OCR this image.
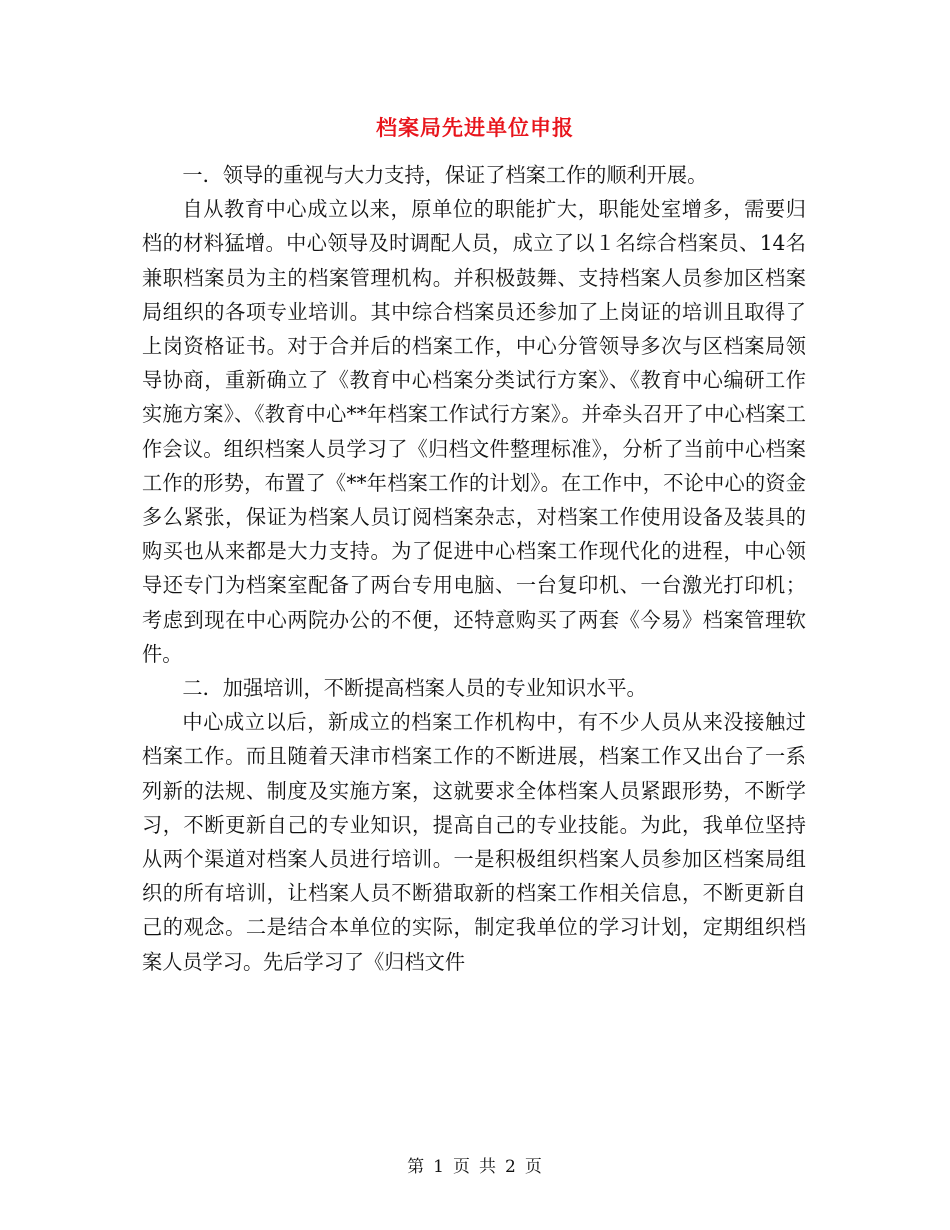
档案局先进单位申报

一．领导的重视与大力支持，保证了档案工作的顺利开展。

自从教育中心成立以来，原单位的职能扩大，职能处室增多，需要归档的材料猛增。中心领导及时调配人员，成立了以１名综合档案员、14名兼职档案员为主的档案管理机构。并积极鼓舞、支持档案人员参加区档案局组织的各项专业培训。其中综合档案员还参加了上岗证的培训且取得了上岗资格证书。对于合并后的档案工作，中心分管领导多次与区档案局领导协商，重新确立了《教育中心档案分类试行方案》、《教育中心编研工作实施方案》、《教育中心**年档案工作试行方案》。并牵头召开了中心档案工作会议。组织档案人员学习了《归档文件整理标准》，分析了当前中心档案工作的形势，布置了《**年档案工作的计划》。在工作中，不论中心的资金多么紧张，保证为档案人员订阅档案杂志，对档案工作使用设备及装具的购买也从来都是大力支持。为了促进中心档案工作现代化的进程，中心领导还专门为档案室配备了两台专用电脑、一台复印机、一台激光打印机；考虑到现在中心两院办公的不便，还特意购买了两套《今易》档案管理软件。

二．加强培训，不断提高档案人员的专业知识水平。

中心成立以后，新成立的档案工作机构中，有不少人员从来没接触过档案工作。而且随着天津市档案工作的不断进展，档案工作又出台了一系列新的法规、制度及实施方案，这就要求全体档案人员紧跟形势，不断学习，不断更新自己的专业知识，提高自己的专业技能。为此，我单位坚持从两个渠道对档案人员进行培训。一是积极组织档案人员参加区档案局组织的所有培训，让档案人员不断猎取新的档案工作相关信息，不断更新自己的观念。二是结合本单位的实际，制定我单位的学习计划，定期组织档案人员学习。先后学习了《归档文件

第 1 页 共 2 页
